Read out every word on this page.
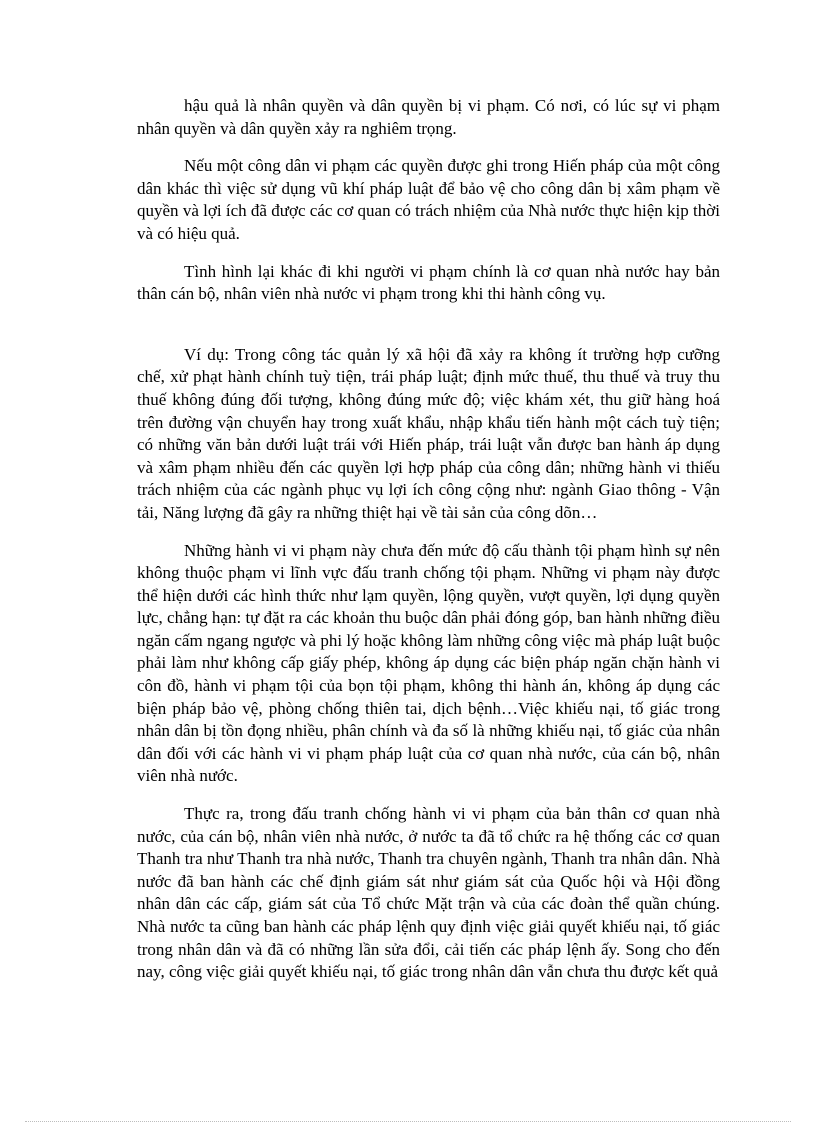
hậu quả là nhân quyền và dân quyền bị vi phạm. Có nơi, có lúc sự vi phạm nhân quyền và dân quyền xảy ra nghiêm trọng.

Nếu một công dân vi phạm các quyền được ghi trong Hiến pháp của một công dân khác thì việc sử dụng vũ khí pháp luật để bảo vệ cho công dân bị xâm phạm về quyền và lợi ích đã được các cơ quan có trách nhiệm của Nhà nước thực hiện kịp thời và có hiệu quả.

Tình hình lại khác đi khi người vi phạm chính là cơ quan nhà nước hay bản thân cán bộ, nhân viên nhà nước vi phạm trong khi thi hành công vụ.

Ví dụ: Trong công tác quản lý xã hội đã xảy ra không ít trường hợp cưỡng chế, xử phạt hành chính tuỳ tiện, trái pháp luật; định mức thuế, thu thuế và truy thu thuế không đúng đối tượng, không đúng mức độ; việc khám xét, thu giữ hàng hoá trên đường vận chuyển hay trong xuất khẩu, nhập khẩu tiến hành một cách tuỳ tiện; có những văn bản dưới luật trái với Hiến pháp, trái luật vẫn được ban hành áp dụng và xâm phạm nhiều đến các quyền lợi hợp pháp của công dân; những hành vi thiếu trách nhiệm của các ngành phục vụ lợi ích công cộng như: ngành Giao thông - Vận tải, Năng lượng đã gây ra những thiệt hại về tài sản của công dõn…

Những hành vi vi phạm này chưa đến mức độ cấu thành tội phạm hình sự nên không thuộc phạm vi lĩnh vực đấu tranh chống tội phạm. Những vi phạm này được thể hiện dưới các hình thức như lạm quyền, lộng quyền, vượt quyền, lợi dụng quyền lực, chẳng hạn: tự đặt ra các khoản thu buộc dân phải đóng góp, ban hành những điều ngăn cấm ngang ngược và phi lý hoặc không làm những công việc mà pháp luật buộc phải làm như không cấp giấy phép, không áp dụng các biện pháp ngăn chặn hành vi côn đồ, hành vi phạm tội của bọn tội phạm, không thi hành án, không áp dụng các biện pháp bảo vệ, phòng chống thiên tai, dịch bệnh…Việc khiếu nại, tố giác trong nhân dân bị tồn đọng nhiều, phân chính và đa số là những khiếu nại, tố giác của nhân dân đối với các hành vi vi phạm pháp luật của cơ quan nhà nước, của cán bộ, nhân viên nhà nước.

Thực ra, trong đấu tranh chống hành vi vi phạm của bản thân cơ quan nhà nước, của cán bộ, nhân viên nhà nước, ở nước ta đã tổ chức ra hệ thống các cơ quan Thanh tra như Thanh tra nhà nước, Thanh tra chuyên ngành, Thanh tra nhân dân. Nhà nước đã ban hành các chế định giám sát như giám sát của Quốc hội và Hội đồng nhân dân các cấp, giám sát của Tổ chức Mặt trận và của các đoàn thể quần chúng. Nhà nước ta cũng ban hành các pháp lệnh quy định việc giải quyết khiếu nại, tố giác trong nhân dân và đã có những lần sửa đổi, cải tiến các pháp lệnh ấy. Song cho đến nay, công việc giải quyết khiếu nại, tố giác trong nhân dân vẫn chưa thu được kết quả
